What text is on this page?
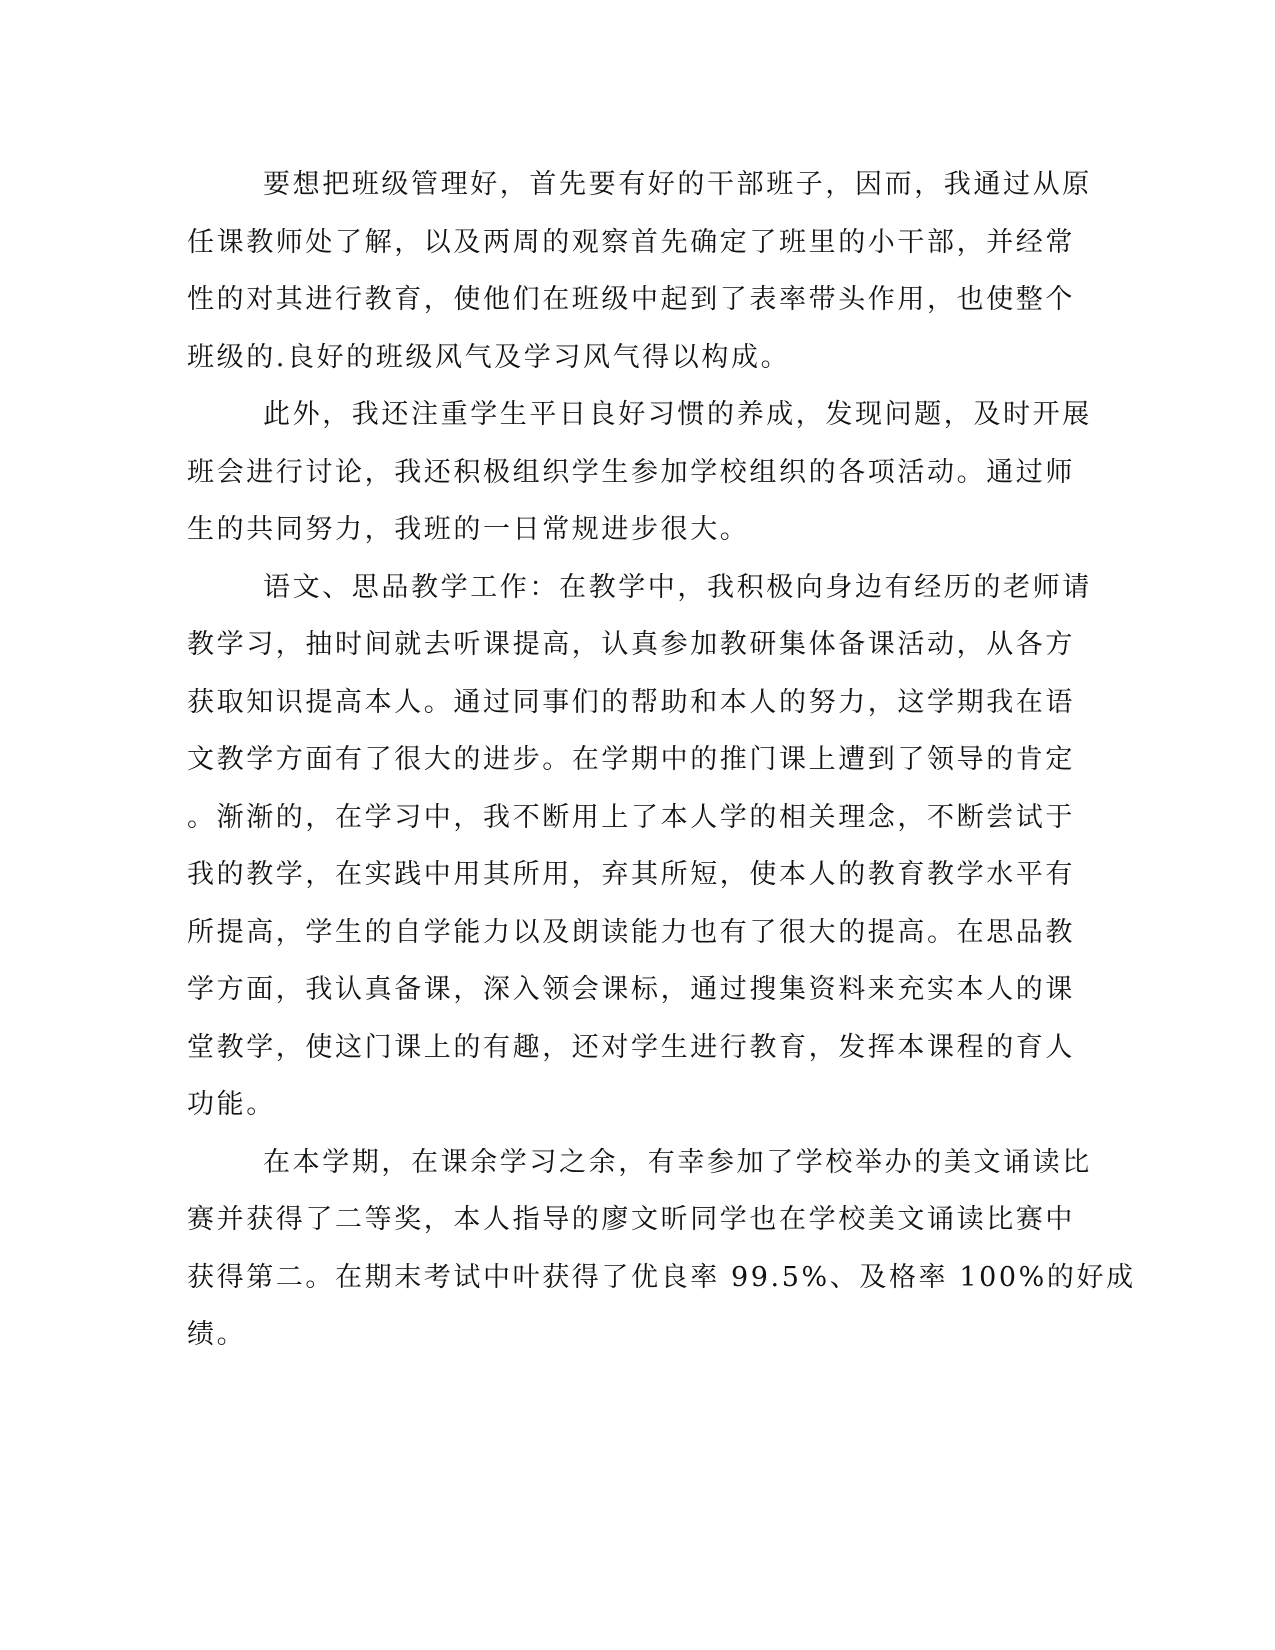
要想把班级管理好，首先要有好的干部班子，因而，我通过从原
任课教师处了解，以及两周的观察首先确定了班里的小干部，并经常
性的对其进行教育，使他们在班级中起到了表率带头作用，也使整个
班级的.良好的班级风气及学习风气得以构成。
此外，我还注重学生平日良好习惯的养成，发现问题，及时开展
班会进行讨论，我还积极组织学生参加学校组织的各项活动。通过师
生的共同努力，我班的一日常规进步很大。
语文、思品教学工作：在教学中，我积极向身边有经历的老师请
教学习，抽时间就去听课提高，认真参加教研集体备课活动，从各方
获取知识提高本人。通过同事们的帮助和本人的努力，这学期我在语
文教学方面有了很大的进步。在学期中的推门课上遭到了领导的肯定
。渐渐的，在学习中，我不断用上了本人学的相关理念，不断尝试于
我的教学，在实践中用其所用，弃其所短，使本人的教育教学水平有
所提高，学生的自学能力以及朗读能力也有了很大的提高。在思品教
学方面，我认真备课，深入领会课标，通过搜集资料来充实本人的课
堂教学，使这门课上的有趣，还对学生进行教育，发挥本课程的育人
功能。
在本学期，在课余学习之余，有幸参加了学校举办的美文诵读比
赛并获得了二等奖，本人指导的廖文昕同学也在学校美文诵读比赛中
获得第二。在期末考试中叶获得了优良率 99.5%、及格率 100%的好成
绩。
